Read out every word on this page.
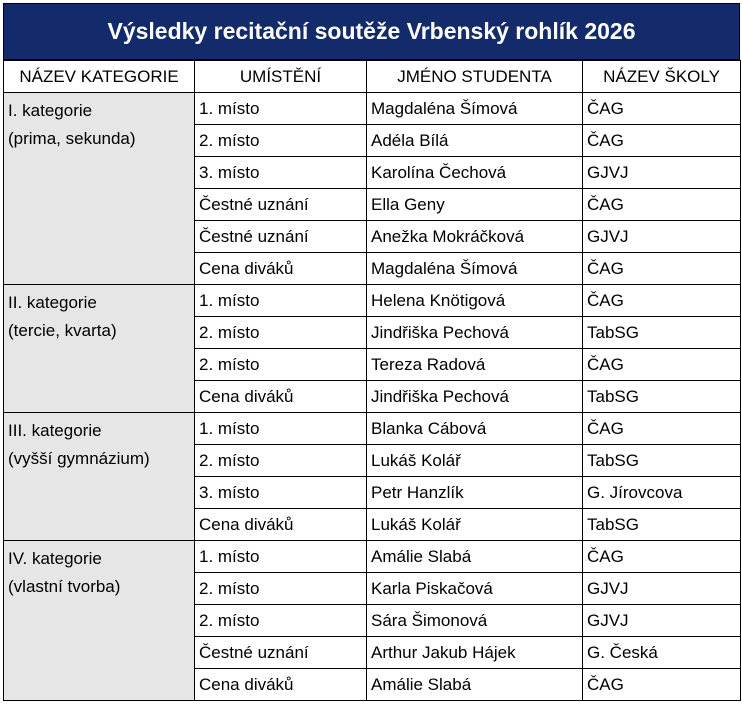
Výsledky recitační soutěže Vrbenský rohlík 2026
NÁZEV KATEGORIE	UMÍSTĚNÍ	JMÉNO STUDENTA	NÁZEV ŠKOLY

I. kategorie
(prima, sekunda)	1. místo	Magdaléna Šímová	ČAG
	2. místo	Adéla Bílá	ČAG
	3. místo	Karolína Čechová	GJVJ
	Čestné uznání	Ella Geny	ČAG
	Čestné uznání	Anežka Mokráčková	GJVJ
	Cena diváků	Magdaléna Šímová	ČAG

II. kategorie
(tercie, kvarta)	1. místo	Helena Knötigová	ČAG
	2. místo	Jindřiška Pechová	TabSG
	2. místo	Tereza Radová	ČAG
	Cena diváků	Jindřiška Pechová	TabSG

III. kategorie
(vyšší gymnázium)	1. místo	Blanka Cábová	ČAG
	2. místo	Lukáš Kolář	TabSG
	3. místo	Petr Hanzlík	G. Jírovcova
	Cena diváků	Lukáš Kolář	TabSG

IV. kategorie
(vlastní tvorba)	1. místo	Amálie Slabá	ČAG
	2. místo	Karla Piskačová	GJVJ
	2. místo	Sára Šimonová	GJVJ
	Čestné uznání	Arthur Jakub Hájek	G. Česká
	Cena diváků	Amálie Slabá	ČAG
